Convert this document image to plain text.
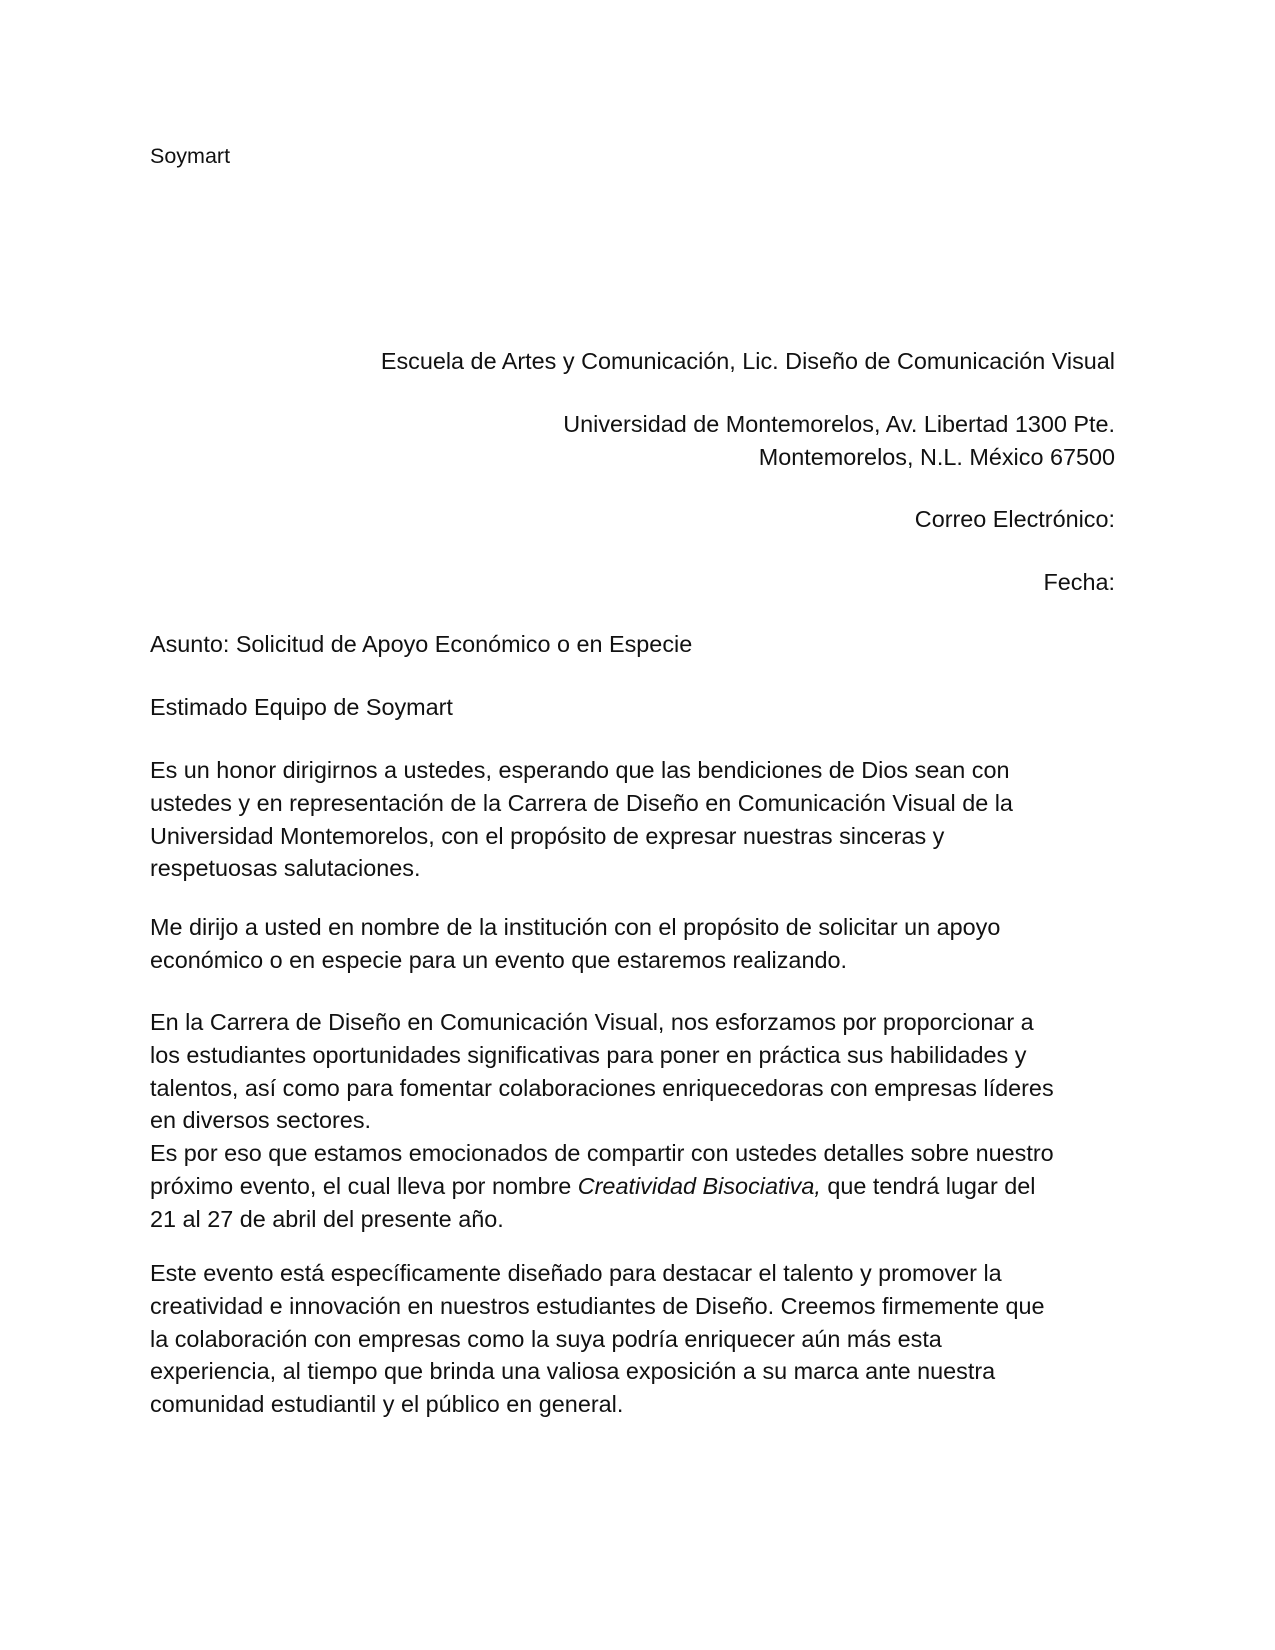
Soymart

Escuela de Artes y Comunicación, Lic. Diseño de Comunicación Visual

Universidad de Montemorelos, Av. Libertad 1300 Pte.
Montemorelos, N.L. México 67500

Correo Electrónico:

Fecha:

Asunto: Solicitud de Apoyo Económico o en Especie

Estimado Equipo de Soymart

Es un honor dirigirnos a ustedes, esperando que las bendiciones de Dios sean con
ustedes y en representación de la Carrera de Diseño en Comunicación Visual de la
Universidad Montemorelos, con el propósito de expresar nuestras sinceras y
respetuosas salutaciones.

Me dirijo a usted en nombre de la institución con el propósito de solicitar un apoyo
económico o en especie para un evento que estaremos realizando.

En la Carrera de Diseño en Comunicación Visual, nos esforzamos por proporcionar a
los estudiantes oportunidades significativas para poner en práctica sus habilidades y
talentos, así como para fomentar colaboraciones enriquecedoras con empresas líderes
en diversos sectores.
Es por eso que estamos emocionados de compartir con ustedes detalles sobre nuestro
próximo evento, el cual lleva por nombre Creatividad Bisociativa, que tendrá lugar del
21 al 27 de abril del presente año.

Este evento está específicamente diseñado para destacar el talento y promover la
creatividad e innovación en nuestros estudiantes de Diseño. Creemos firmemente que
la colaboración con empresas como la suya podría enriquecer aún más esta
experiencia, al tiempo que brinda una valiosa exposición a su marca ante nuestra
comunidad estudiantil y el público en general.
